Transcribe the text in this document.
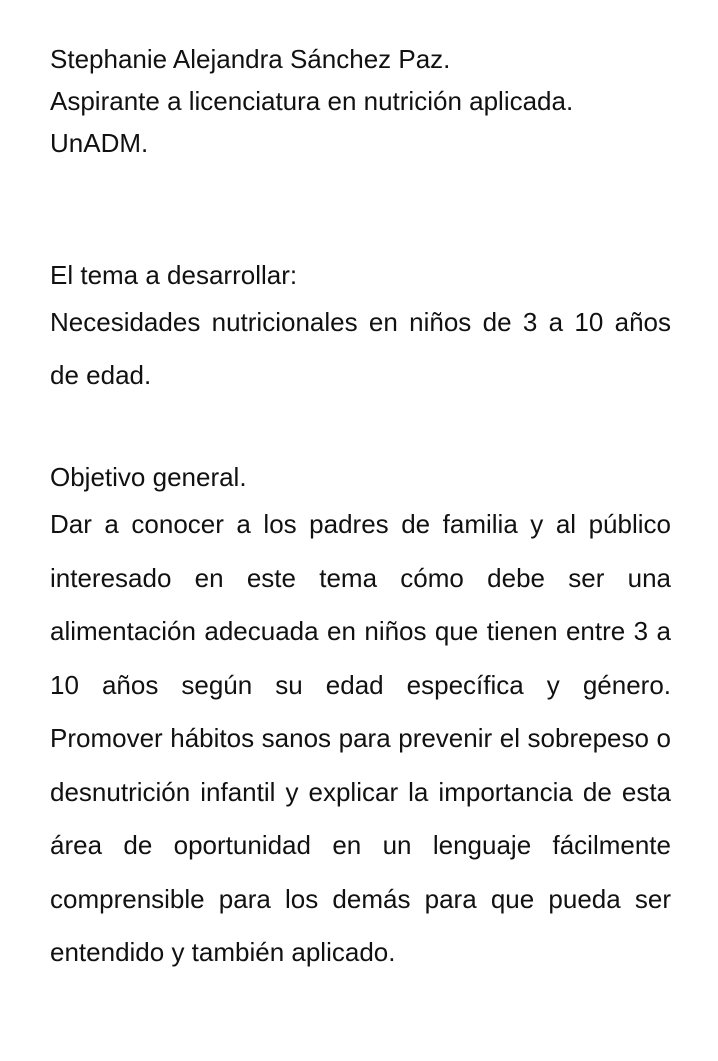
Stephanie Alejandra Sánchez Paz.

Aspirante a licenciatura en nutrición aplicada.

UnADM.

El tema a desarrollar:

Necesidades nutricionales en niños de 3 a 10 años de edad.

Objetivo general.

Dar a conocer a los padres de familia y al público interesado en este tema cómo debe ser una alimentación adecuada en niños que tienen entre 3 a 10 años según su edad específica y género. Promover hábitos sanos para prevenir el sobrepeso o desnutrición infantil y explicar la importancia de esta área de oportunidad en un lenguaje fácilmente comprensible para los demás para que pueda ser entendido y también aplicado.
